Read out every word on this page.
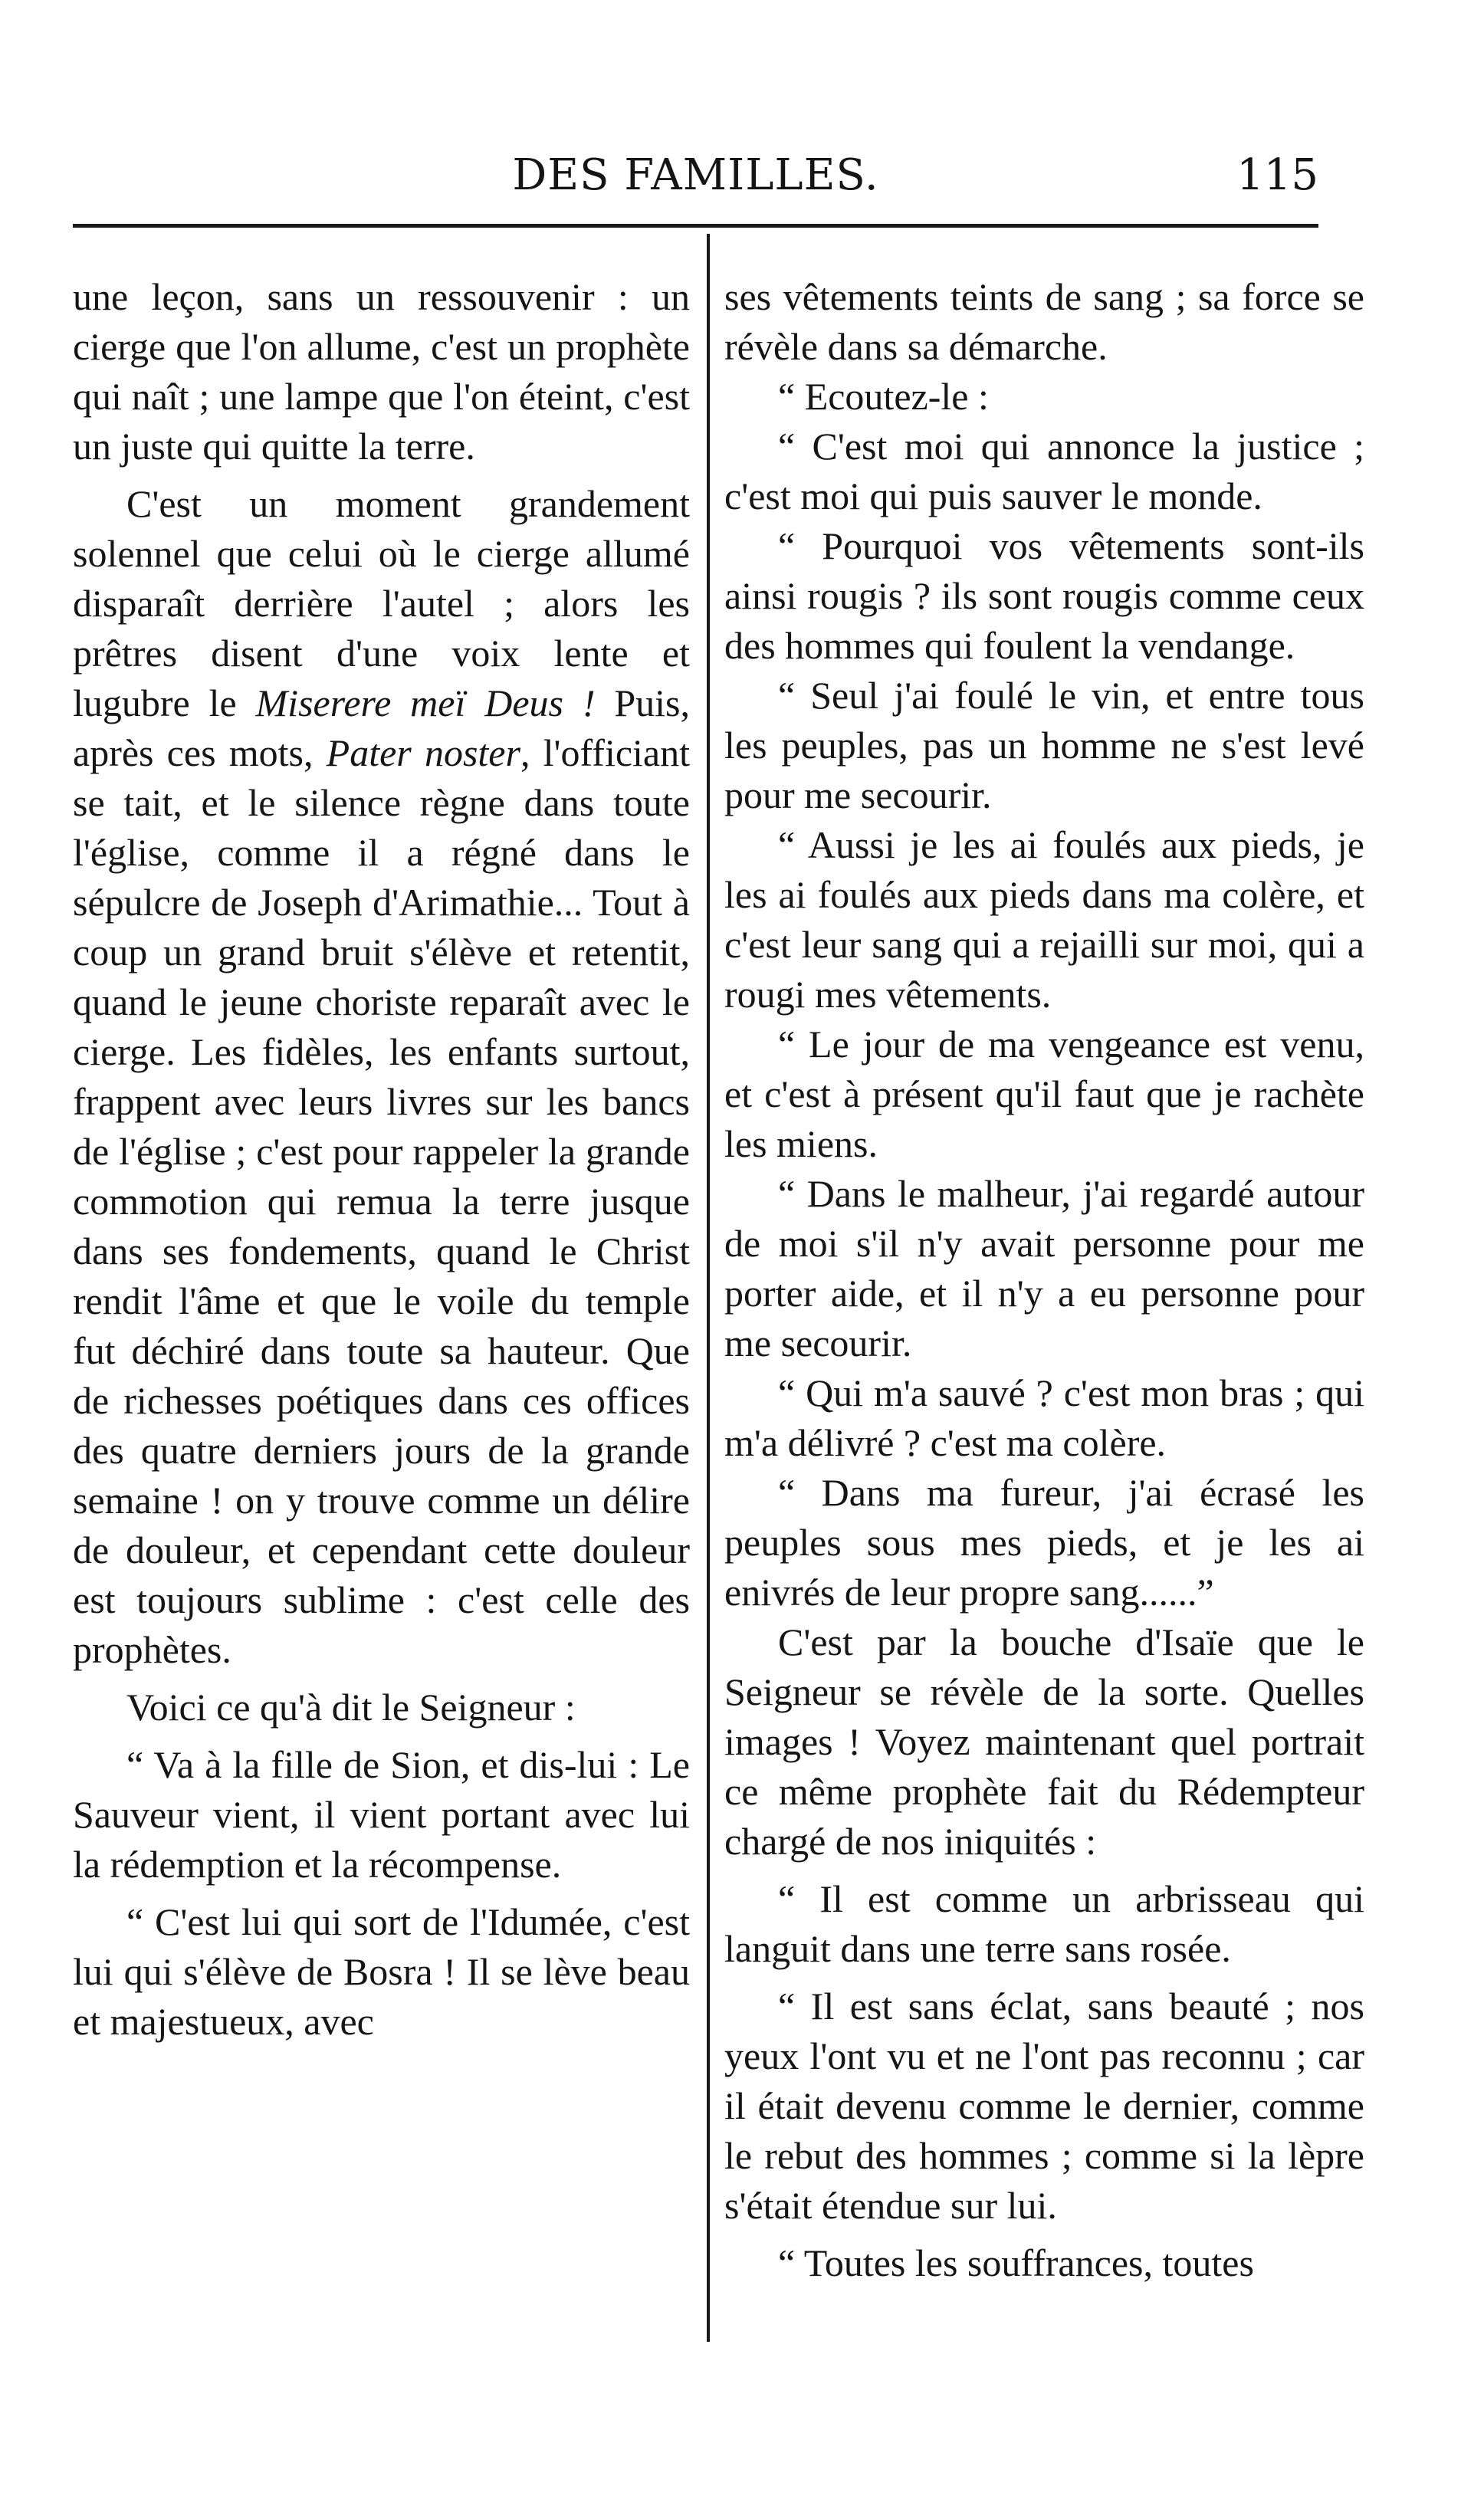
DES FAMILLES.	115

une leçon, sans un ressouvenir : un cierge que l'on allume, c'est un prophète qui naît ; une lampe que l'on éteint, c'est un juste qui quitte la terre.

C'est un moment grandement solennel que celui où le cierge allumé disparaît derrière l'autel ; alors les prêtres disent d'une voix lente et lugubre le Miserere meï Deus ! Puis, après ces mots, Pater noster, l'officiant se tait, et le silence règne dans toute l'église, comme il a régné dans le sépulcre de Joseph d'Arimathie... Tout à coup un grand bruit s'élève et retentit, quand le jeune choriste reparaît avec le cierge. Les fidèles, les enfants surtout, frappent avec leurs livres sur les bancs de l'église ; c'est pour rappeler la grande commotion qui remua la terre jusque dans ses fondements, quand le Christ rendit l'âme et que le voile du temple fut déchiré dans toute sa hauteur. Que de richesses poétiques dans ces offices des quatre derniers jours de la grande semaine ! on y trouve comme un délire de douleur, et cependant cette douleur est toujours sublime : c'est celle des prophètes.

Voici ce qu'à dit le Seigneur :

“ Va à la fille de Sion, et dis-lui : Le Sauveur vient, il vient portant avec lui la rédemption et la récompense.

“ C'est lui qui sort de l'Idumée, c'est lui qui s'élève de Bosra ! Il se lève beau et majestueux, avec

ses vêtements teints de sang ; sa force se révèle dans sa démarche.

“ Ecoutez-le :

“ C'est moi qui annonce la justice ; c'est moi qui puis sauver le monde.

“ Pourquoi vos vêtements sont-ils ainsi rougis ? ils sont rougis comme ceux des hommes qui foulent la vendange.

“ Seul j'ai foulé le vin, et entre tous les peuples, pas un homme ne s'est levé pour me secourir.

“ Aussi je les ai foulés aux pieds, je les ai foulés aux pieds dans ma colère, et c'est leur sang qui a rejailli sur moi, qui a rougi mes vêtements.

“ Le jour de ma vengeance est venu, et c'est à présent qu'il faut que je rachète les miens.

“ Dans le malheur, j'ai regardé autour de moi s'il n'y avait personne pour me porter aide, et il n'y a eu personne pour me secourir.

“ Qui m'a sauvé ? c'est mon bras ; qui m'a délivré ? c'est ma colère.

“ Dans ma fureur, j'ai écrasé les peuples sous mes pieds, et je les ai enivrés de leur propre sang......”

C'est par la bouche d'Isaïe que le Seigneur se révèle de la sorte. Quelles images ! Voyez maintenant quel portrait ce même prophète fait du Rédempteur chargé de nos iniquités :

“ Il est comme un arbrisseau qui languit dans une terre sans rosée.

“ Il est sans éclat, sans beauté ; nos yeux l'ont vu et ne l'ont pas reconnu ; car il était devenu comme le dernier, comme le rebut des hommes ; comme si la lèpre s'était étendue sur lui.

“ Toutes les souffrances, toutes
